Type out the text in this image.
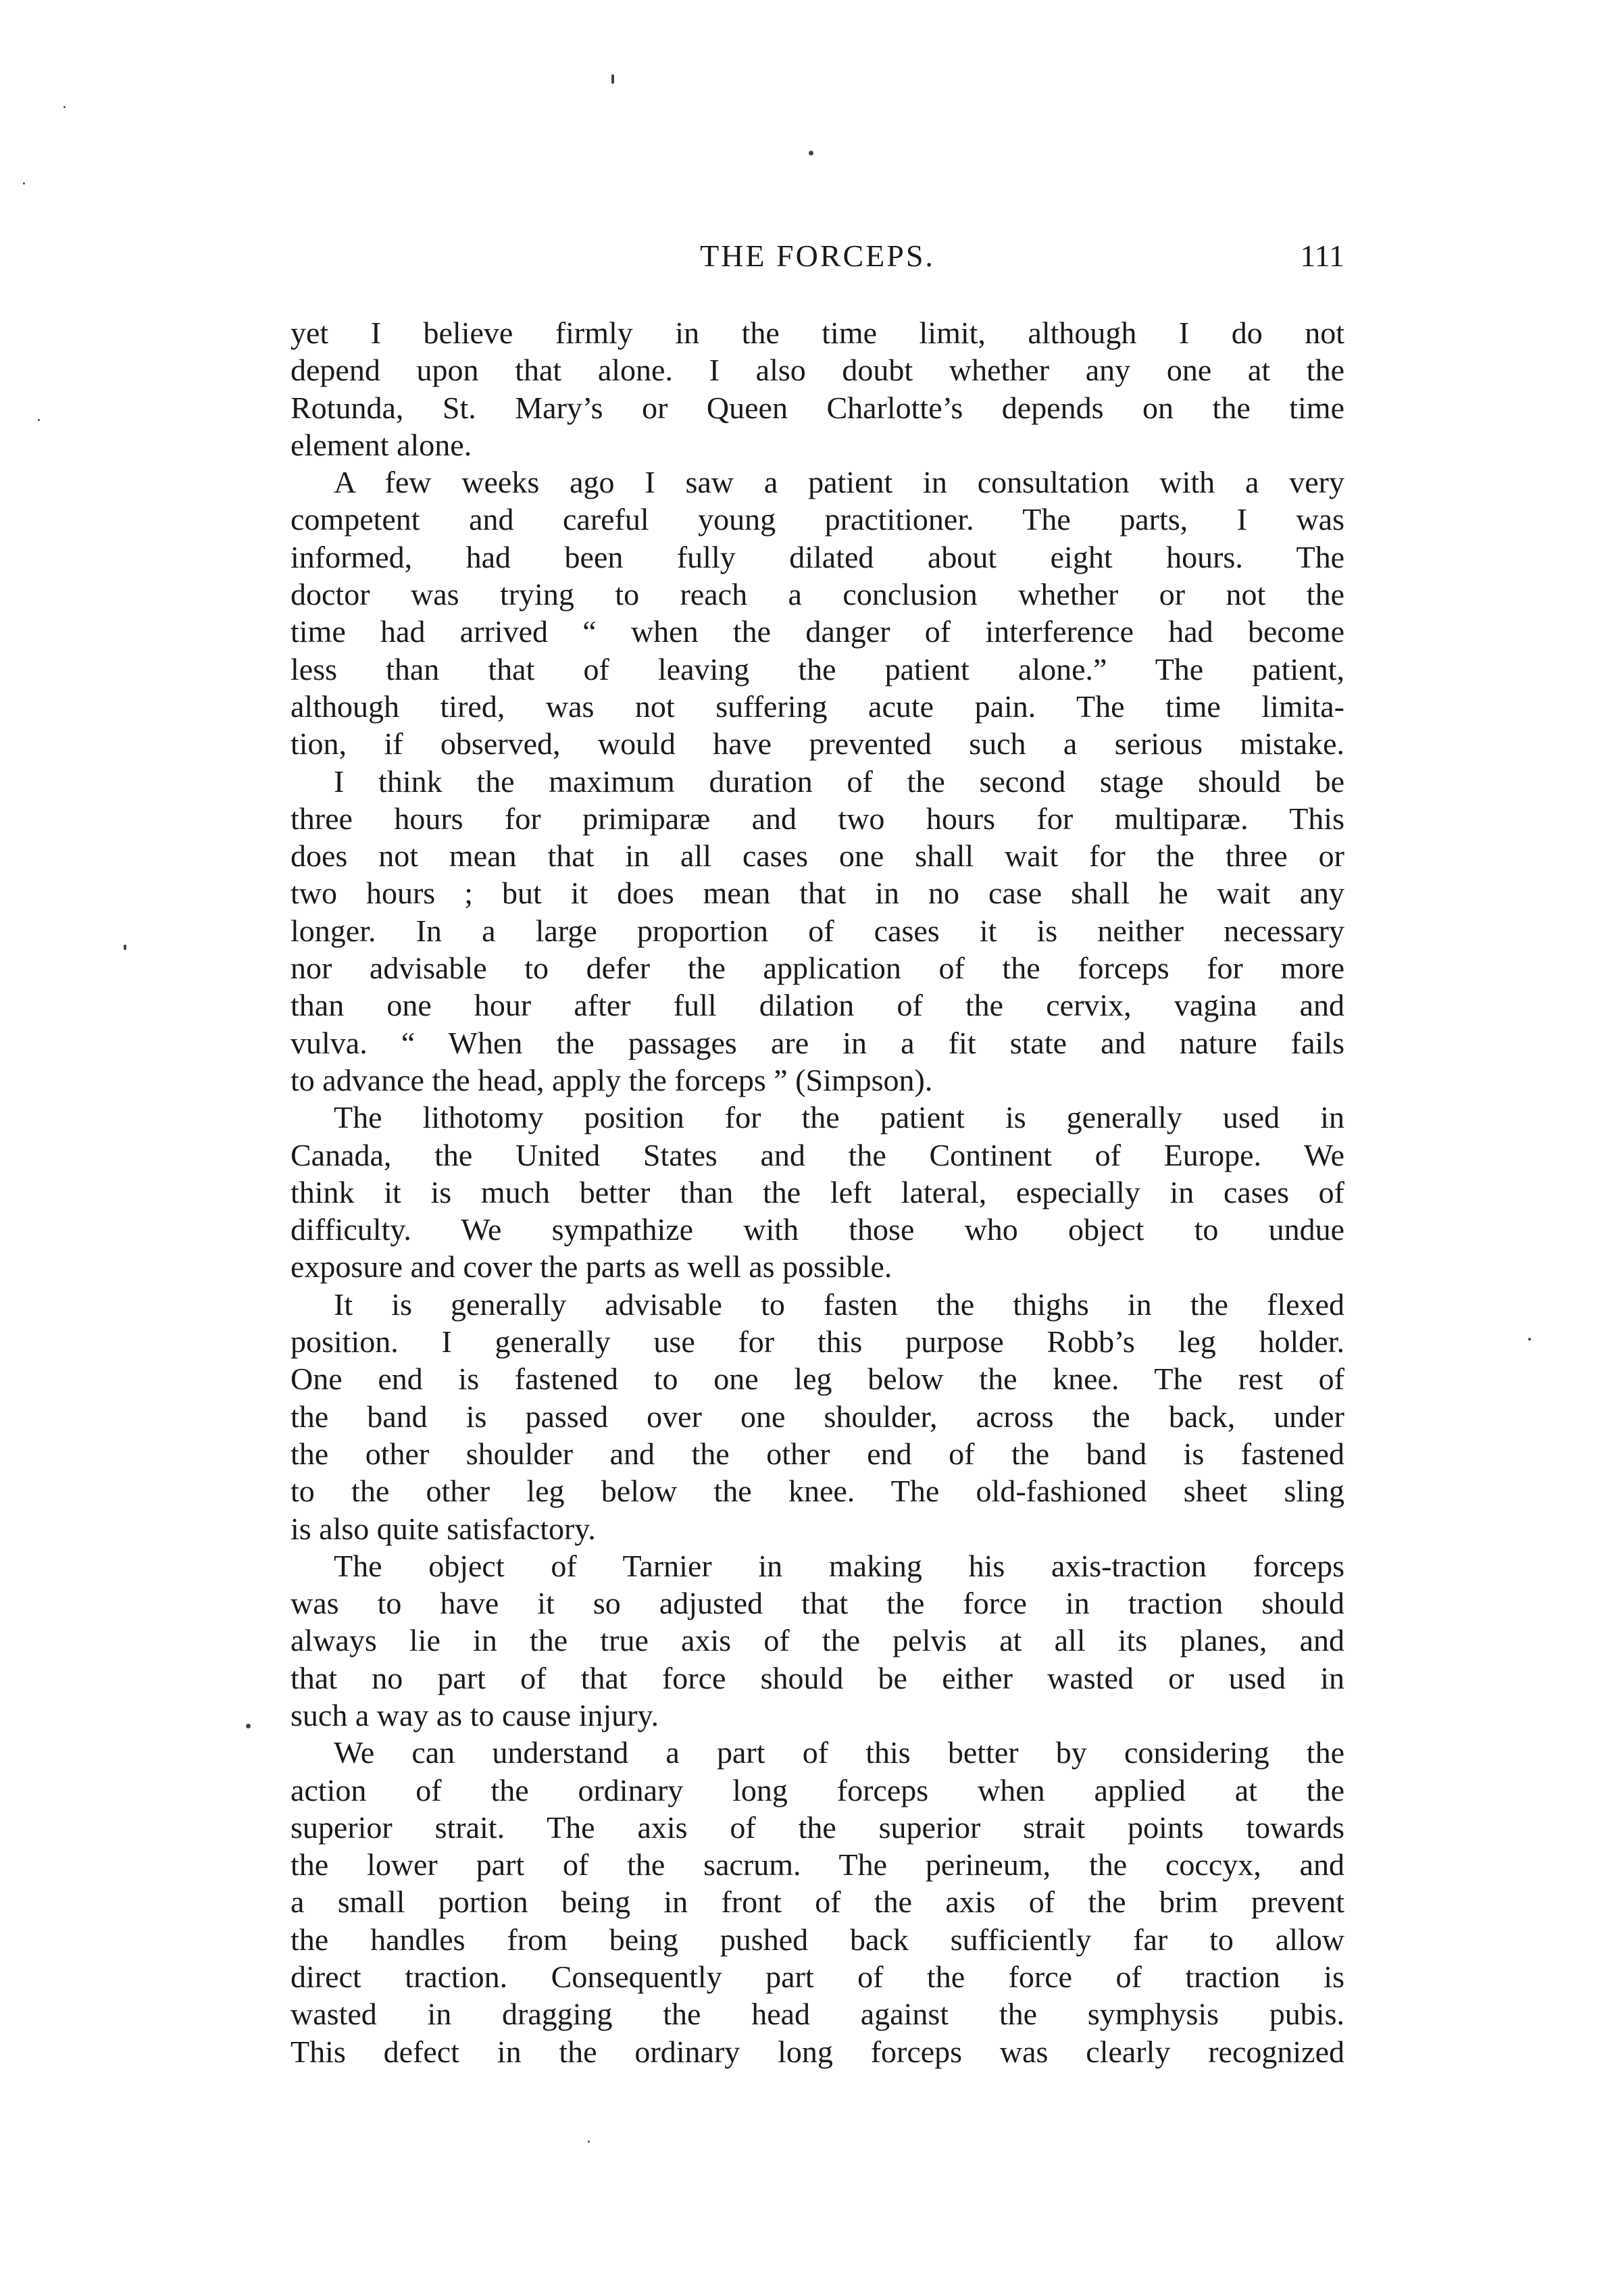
THE FORCEPS.	111
yet I believe firmly in the time limit, although I do not
depend upon that alone. I also doubt whether any one at the
Rotunda, St. Mary’s or Queen Charlotte’s depends on the time
element alone.
A few weeks ago I saw a patient in consultation with a very
competent and careful young practitioner. The parts, I was
informed, had been fully dilated about eight hours. The
doctor was trying to reach a conclusion whether or not the
time had arrived “ when the danger of interference had become
less than that of leaving the patient alone.” The patient,
although tired, was not suffering acute pain. The time limita-
tion, if observed, would have prevented such a serious mistake.
I think the maximum duration of the second stage should be
three hours for primiparæ and two hours for multiparæ. This
does not mean that in all cases one shall wait for the three or
two hours ; but it does mean that in no case shall he wait any
longer. In a large proportion of cases it is neither necessary
nor advisable to defer the application of the forceps for more
than one hour after full dilation of the cervix, vagina and
vulva. “ When the passages are in a fit state and nature fails
to advance the head, apply the forceps ” (Simpson).
The lithotomy position for the patient is generally used in
Canada, the United States and the Continent of Europe. We
think it is much better than the left lateral, especially in cases of
difficulty. We sympathize with those who object to undue
exposure and cover the parts as well as possible.
It is generally advisable to fasten the thighs in the flexed
position. I generally use for this purpose Robb’s leg holder.
One end is fastened to one leg below the knee. The rest of
the band is passed over one shoulder, across the back, under
the other shoulder and the other end of the band is fastened
to the other leg below the knee. The old-fashioned sheet sling
is also quite satisfactory.
The object of Tarnier in making his axis-traction forceps
was to have it so adjusted that the force in traction should
always lie in the true axis of the pelvis at all its planes, and
that no part of that force should be either wasted or used in
such a way as to cause injury.
We can understand a part of this better by considering the
action of the ordinary long forceps when applied at the
superior strait. The axis of the superior strait points towards
the lower part of the sacrum. The perineum, the coccyx, and
a small portion being in front of the axis of the brim prevent
the handles from being pushed back sufficiently far to allow
direct traction. Consequently part of the force of traction is
wasted in dragging the head against the symphysis pubis.
This defect in the ordinary long forceps was clearly recognized
